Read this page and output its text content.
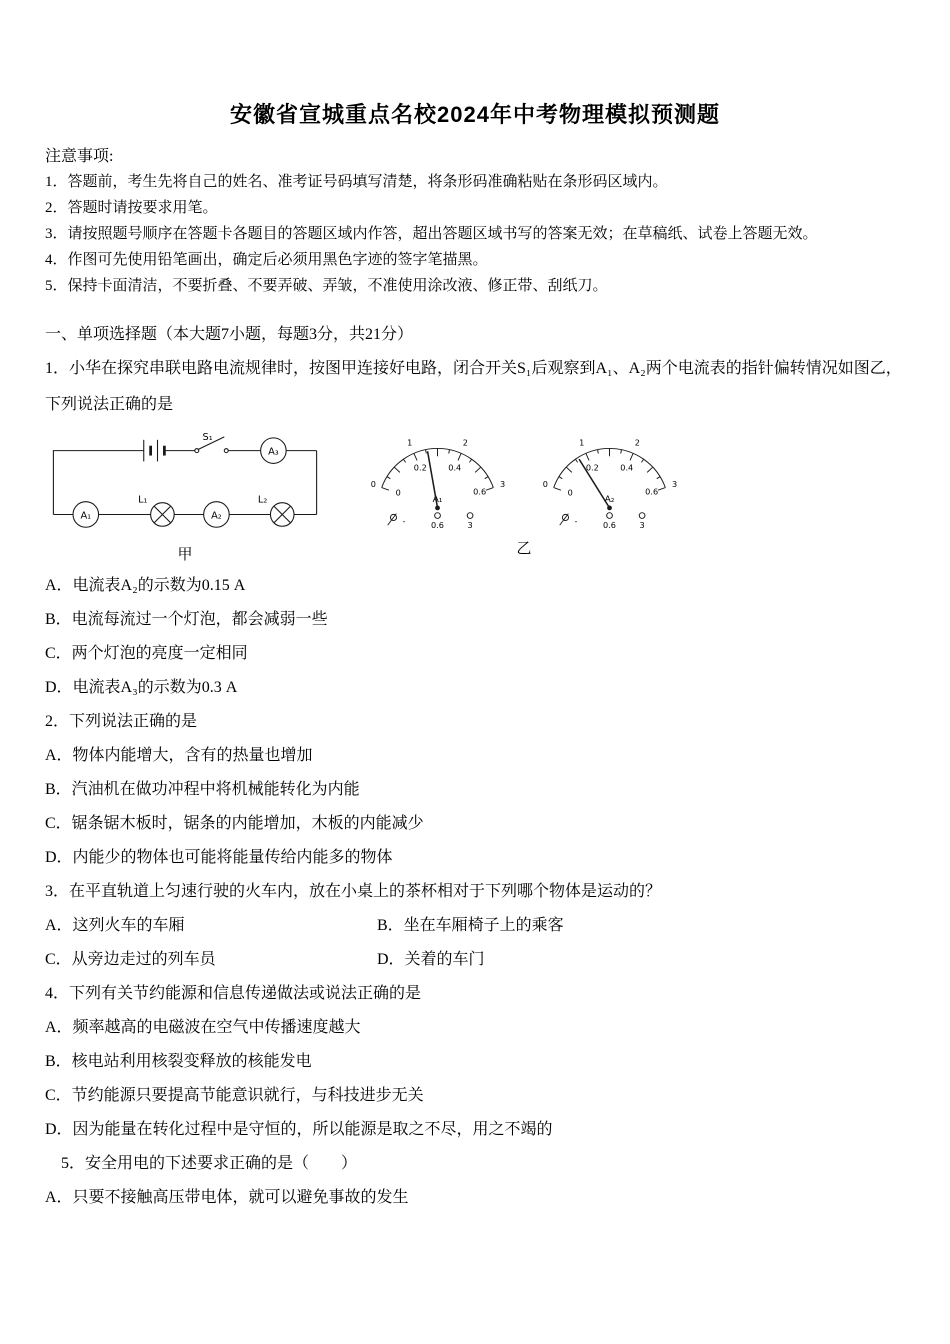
安徽省宣城重点名校2024年中考物理模拟预测题
注意事项:
1．答题前，考生先将自己的姓名、准考证号码填写清楚，将条形码准确粘贴在条形码区域内。
2．答题时请按要求用笔。
3．请按照题号顺序在答题卡各题目的答题区域内作答，超出答题区域书写的答案无效；在草稿纸、试卷上答题无效。
4．作图可先使用铅笔画出，确定后必须用黑色字迹的签字笔描黑。
5．保持卡面清洁，不要折叠、不要弄破、弄皱，不准使用涂改液、修正带、刮纸刀。
一、单项选择题（本大题7小题，每题3分，共21分）

1．小华在探究串联电路电流规律时，按图甲连接好电路，闭合开关S₁后观察到A₁、A₂两个电流表的指针偏转情况如图乙，下列说法正确的是

S₁
A₃
A₁
L₁
A₂
L₂
甲
0
1	2
3
0
0.2	0.4
0.6
A₁
-	0.6	3
0
1	2
3
0
0.2	0.4
0.6
A₂
-	0.6	3
乙

A．电流表A₂的示数为0.15 A

B．电流每流过一个灯泡，都会减弱一些

C．两个灯泡的亮度一定相同

D．电流表A₃的示数为0.3 A

2．下列说法正确的是

A．物体内能增大，含有的热量也增加

B．汽油机在做功冲程中将机械能转化为内能

C．锯条锯木板时，锯条的内能增加，木板的内能减少

D．内能少的物体也可能将能量传给内能多的物体

3．在平直轨道上匀速行驶的火车内，放在小桌上的茶杯相对于下列哪个物体是运动的？

A．这列火车的车厢	B．坐在车厢椅子上的乘客

C．从旁边走过的列车员	D．关着的车门

4．下列有关节约能源和信息传递做法或说法正确的是

A．频率越高的电磁波在空气中传播速度越大

B．核电站利用核裂变释放的核能发电

C．节约能源只要提高节能意识就行，与科技进步无关

D．因为能量在转化过程中是守恒的，所以能源是取之不尽，用之不竭的

5．安全用电的下述要求正确的是（　　）

A．只要不接触高压带电体，就可以避免事故的发生
